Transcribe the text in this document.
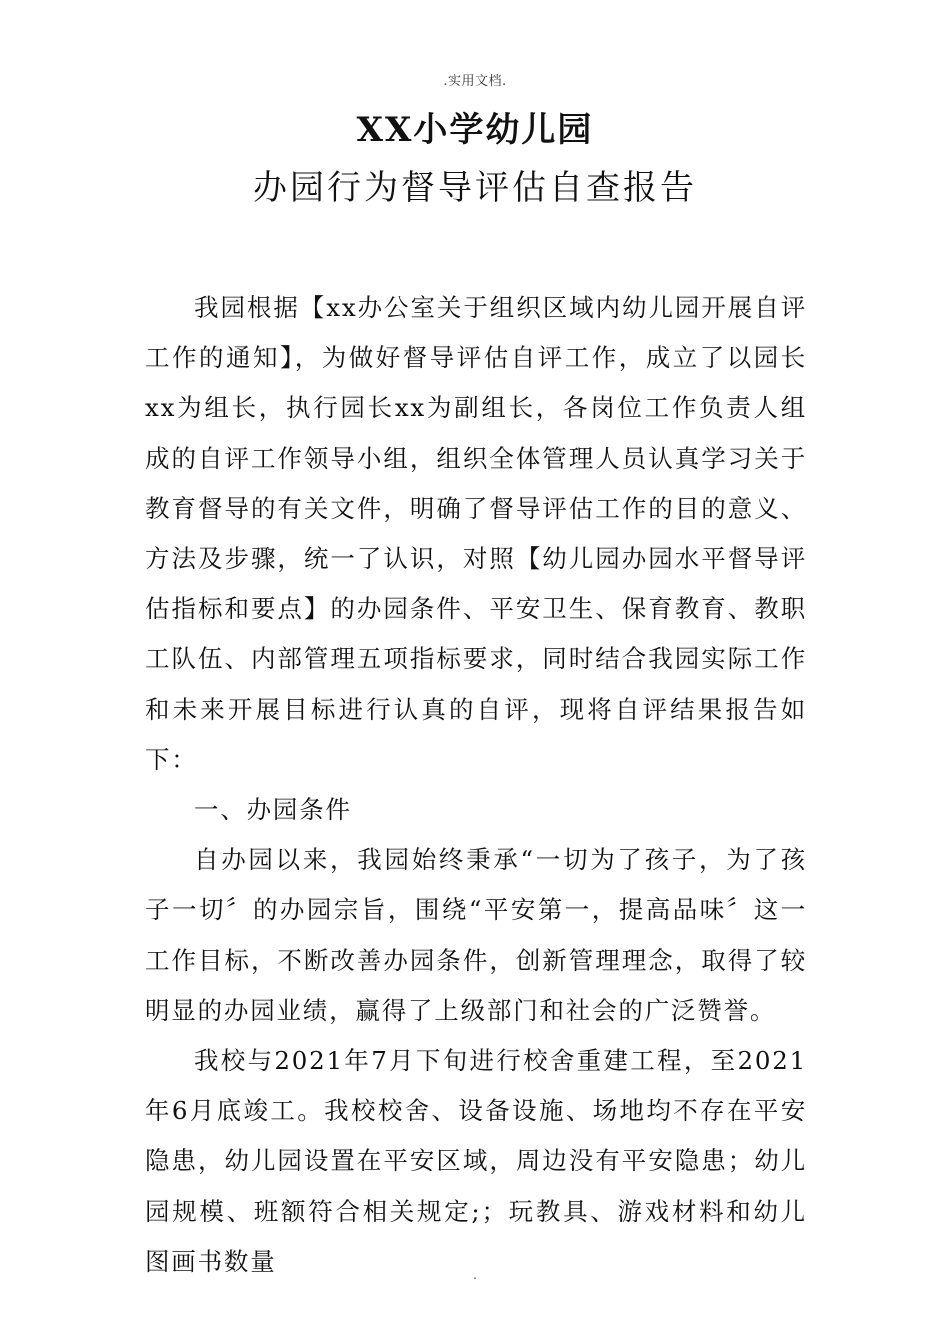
.实用文档.
XX小学幼儿园
办园行为督导评估自查报告

我园根据【xx办公室关于组织区域内幼儿园开展自评工作的通知】，为做好督导评估自评工作，成立了以园长xx为组长，执行园长xx为副组长，各岗位工作负责人组成的自评工作领导小组，组织全体管理人员认真学习关于教育督导的有关文件，明确了督导评估工作的目的意义、方法及步骤，统一了认识，对照【幼儿园办园水平督导评估指标和要点】的办园条件、平安卫生、保育教育、教职工队伍、内部管理五项指标要求，同时结合我园实际工作和未来开展目标进行认真的自评，现将自评结果报告如下：

一、办园条件

自办园以来，我园始终秉承“一切为了孩子，为了孩子一切〞的办园宗旨，围绕“平安第一，提高品味〞这一工作目标，不断改善办园条件，创新管理理念，取得了较明显的办园业绩，赢得了上级部门和社会的广泛赞誉。

我校与2021年7月下旬进行校舍重建工程，至2021年6月底竣工。我校校舍、设备设施、场地均不存在平安隐患，幼儿园设置在平安区域，周边没有平安隐患；幼儿园规模、班额符合相关规定;；玩教具、游戏材料和幼儿图画书数量	.
